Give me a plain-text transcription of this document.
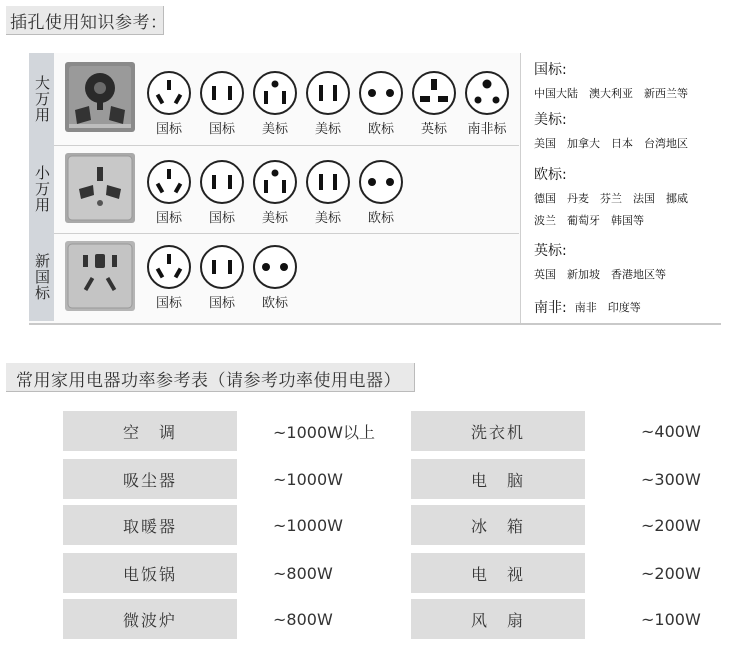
插孔使用知识参考：
大万用
国标	国标	美标	美标	欧标	英标	南非标
小万用
国标	国标	美标	美标	欧标
新国标
国标	国标	欧标
国标:
中国大陆　澳大利亚　新西兰等
美标:
美国　加拿大　日本　台湾地区
欧标:
德国　丹麦　芬兰　法国　挪威
波兰　葡萄牙　韩国等
英标:
英国　新加坡　香港地区等
南非: 南非　印度等
常用家用电器功率参考表（请参考功率使用电器）
空　调	~1000W以上	洗衣机	~400W
吸尘器	~1000W	电　脑	~300W
取暖器	~1000W	冰　箱	~200W
电饭锅	~800W	电　视	~200W
微波炉	~800W	风　扇	~100W
